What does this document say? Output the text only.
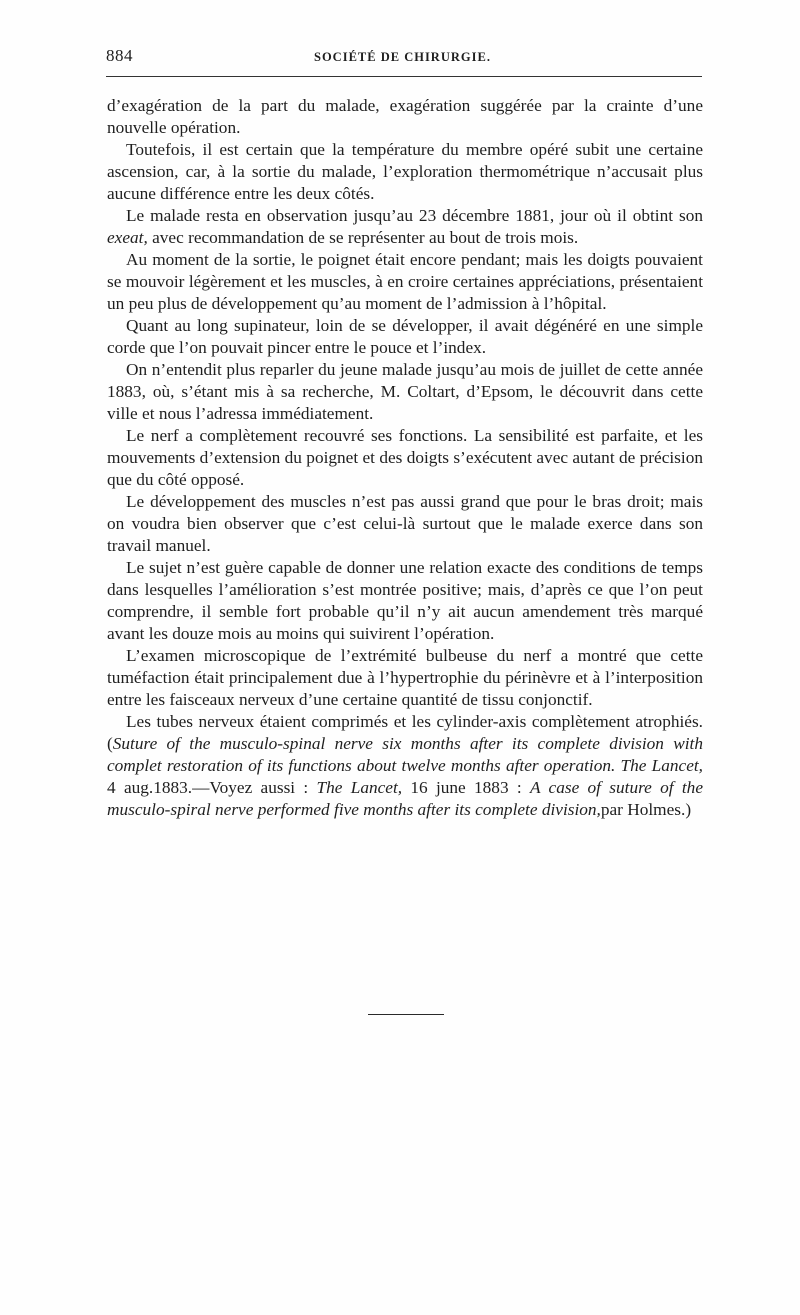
884	SOCIÉTÉ DE CHIRURGIE.

d’exagération de la part du malade, exagération suggérée par la crainte d’une nouvelle opération.

Toutefois, il est certain que la température du membre opéré subit une certaine ascension, car, à la sortie du malade, l’exploration thermométrique n’accusait plus aucune différence entre les deux côtés.

Le malade resta en observation jusqu’au 23 décembre 1881, jour où il obtint son exeat, avec recommandation de se représenter au bout de trois mois.

Au moment de la sortie, le poignet était encore pendant; mais les doigts pouvaient se mouvoir légèrement et les muscles, à en croire certaines appréciations, présentaient un peu plus de développement qu’au moment de l’admission à l’hôpital.

Quant au long supinateur, loin de se développer, il avait dégénéré en une simple corde que l’on pouvait pincer entre le pouce et l’index.

On n’entendit plus reparler du jeune malade jusqu’au mois de juillet de cette année 1883, où, s’étant mis à sa recherche, M. Coltart, d’Epsom, le découvrit dans cette ville et nous l’adressa immédiatement.

Le nerf a complètement recouvré ses fonctions. La sensibilité est parfaite, et les mouvements d’extension du poignet et des doigts s’exécutent avec autant de précision que du côté opposé.

Le développement des muscles n’est pas aussi grand que pour le bras droit; mais on voudra bien observer que c’est celui-là surtout que le malade exerce dans son travail manuel.

Le sujet n’est guère capable de donner une relation exacte des conditions de temps dans lesquelles l’amélioration s’est montrée positive; mais, d’après ce que l’on peut comprendre, il semble fort probable qu’il n’y ait aucun amendement très marqué avant les douze mois au moins qui suivirent l’opération.

L’examen microscopique de l’extrémité bulbeuse du nerf a montré que cette tuméfaction était principalement due à l’hypertrophie du périnèvre et à l’interposition entre les faisceaux nerveux d’une certaine quantité de tissu conjonctif.

Les tubes nerveux étaient comprimés et les cylinder-axis complètement atrophiés. (Suture of the musculo-spinal nerve six months after its complete division with complet restoration of its functions about twelve months after operation. The Lancet, 4 aug.1883.—Voyez aussi : The Lancet, 16 june 1883 : A case of suture of the musculo-spiral nerve performed five months after its complete division,par Holmes.)
